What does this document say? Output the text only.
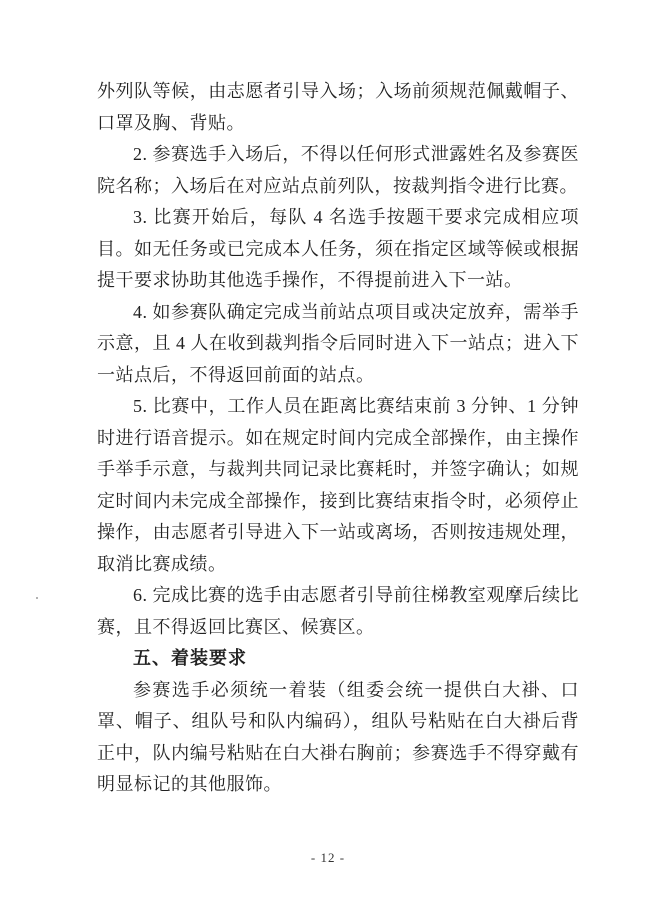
外列队等候，由志愿者引导入场；入场前须规范佩戴帽子、口罩及胸、背贴。

2. 参赛选手入场后，不得以任何形式泄露姓名及参赛医院名称；入场后在对应站点前列队，按裁判指令进行比赛。

3. 比赛开始后，每队 4 名选手按题干要求完成相应项目。如无任务或已完成本人任务，须在指定区域等候或根据提干要求协助其他选手操作，不得提前进入下一站。

4. 如参赛队确定完成当前站点项目或决定放弃，需举手示意，且 4 人在收到裁判指令后同时进入下一站点；进入下一站点后，不得返回前面的站点。

5. 比赛中，工作人员在距离比赛结束前 3 分钟、1 分钟时进行语音提示。如在规定时间内完成全部操作，由主操作手举手示意，与裁判共同记录比赛耗时，并签字确认；如规定时间内未完成全部操作，接到比赛结束指令时，必须停止操作，由志愿者引导进入下一站或离场，否则按违规处理，取消比赛成绩。

6. 完成比赛的选手由志愿者引导前往梯教室观摩后续比赛，且不得返回比赛区、候赛区。

五、着装要求

参赛选手必须统一着装（组委会统一提供白大褂、口罩、帽子、组队号和队内编码），组队号粘贴在白大褂后背正中，队内编号粘贴在白大褂右胸前；参赛选手不得穿戴有明显标记的其他服饰。

- 12 -
